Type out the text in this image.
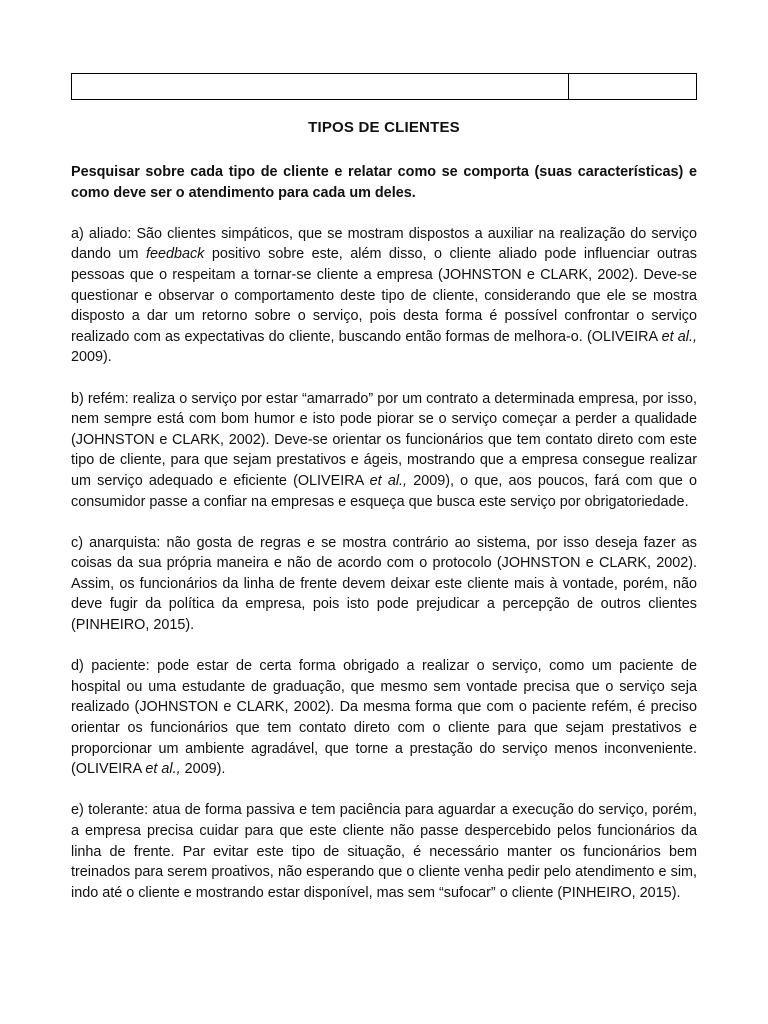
TIPOS DE CLIENTES

Pesquisar sobre cada tipo de cliente e relatar como se comporta (suas características) e como deve ser o atendimento para cada um deles.

a) aliado: São clientes simpáticos, que se mostram dispostos a auxiliar na realização do serviço dando um feedback positivo sobre este, além disso, o cliente aliado pode influenciar outras pessoas que o respeitam a tornar-se cliente a empresa (JOHNSTON e CLARK, 2002). Deve-se questionar e observar o comportamento deste tipo de cliente, considerando que ele se mostra disposto a dar um retorno sobre o serviço, pois desta forma é possível confrontar o serviço realizado com as expectativas do cliente, buscando então formas de melhora-o. (OLIVEIRA et al., 2009).

b) refém: realiza o serviço por estar “amarrado” por um contrato a determinada empresa, por isso, nem sempre está com bom humor e isto pode piorar se o serviço começar a perder a qualidade (JOHNSTON e CLARK, 2002). Deve-se orientar os funcionários que tem contato direto com este tipo de cliente, para que sejam prestativos e ágeis, mostrando que a empresa consegue realizar um serviço adequado e eficiente (OLIVEIRA et al., 2009), o que, aos poucos, fará com que o consumidor passe a confiar na empresas e esqueça que busca este serviço por obrigatoriedade.

c) anarquista: não gosta de regras e se mostra contrário ao sistema, por isso deseja fazer as coisas da sua própria maneira e não de acordo com o protocolo (JOHNSTON e CLARK, 2002). Assim, os funcionários da linha de frente devem deixar este cliente mais à vontade, porém, não deve fugir da política da empresa, pois isto pode prejudicar a percepção de outros clientes (PINHEIRO, 2015).

d) paciente: pode estar de certa forma obrigado a realizar o serviço, como um paciente de hospital ou uma estudante de graduação, que mesmo sem vontade precisa que o serviço seja realizado (JOHNSTON e CLARK, 2002). Da mesma forma que com o paciente refém, é preciso orientar os funcionários que tem contato direto com o cliente para que sejam prestativos e proporcionar um ambiente agradável, que torne a prestação do serviço menos inconveniente. (OLIVEIRA et al., 2009).

e) tolerante: atua de forma passiva e tem paciência para aguardar a execução do serviço, porém, a empresa precisa cuidar para que este cliente não passe despercebido pelos funcionários da linha de frente. Par evitar este tipo de situação, é necessário manter os funcionários bem treinados para serem proativos, não esperando que o cliente venha pedir pelo atendimento e sim, indo até o cliente e mostrando estar disponível, mas sem “sufocar” o cliente (PINHEIRO, 2015).
